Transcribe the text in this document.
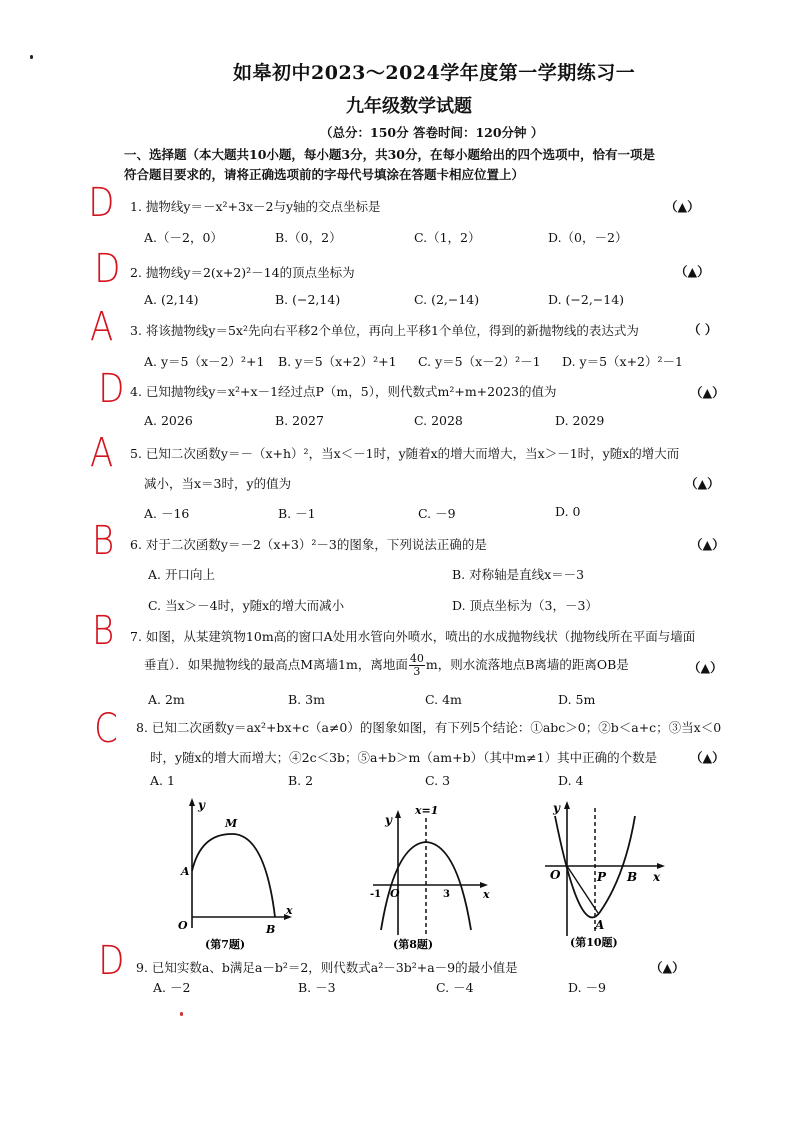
如皋初中2023～2024学年度第一学期练习一
九年级数学试题
（总分：150分 答卷时间：120分钟 ）
一、选择题（本大题共10小题，每小题3分，共30分，在每小题给出的四个选项中，恰有一项是
符合题目要求的，请将正确选项前的字母代号填涂在答题卡相应位置上）
D
D
A
D
A
B
B
C
D
1. 抛物线y＝－x²+3x－2与y轴的交点坐标是	（▲）
A.（－2，0）	B.（0，2）	C.（1，2）	D.（0，－2）
2. 抛物线y＝2(x+2)²－14的顶点坐标为	（▲）
A. (2,14)	B. (−2,14)	C. (2,−14)	D. (−2,−14)
3. 将该抛物线y＝5x²先向右平移2个单位，再向上平移1个单位，得到的新抛物线的表达式为	（ ）
A. y＝5（x－2）²+1 B. y＝5（x+2）²+1 C. y＝5（x－2）²－1 D. y＝5（x+2）²－1
4. 已知抛物线y＝x²+x－1经过点P（m，5），则代数式m²+m+2023的值为	（▲）
A. 2026	B. 2027	C. 2028	D. 2029
5. 已知二次函数y＝－（x+h）²，当x＜－1时，y随着x的增大而增大，当x＞－1时，y随x的增大而
减小，当x＝3时，y的值为	（▲）
A. －16	B. －1	C. －9	D. 0
6. 对于二次函数y＝－2（x+3）²－3的图象，下列说法正确的是	（▲）
A. 开口向上	B. 对称轴是直线x＝－3
C. 当x＞－4时，y随x的增大而减小	D. 顶点坐标为（3，－3）
7. 如图，从某建筑物10m高的窗口A处用水管向外喷水，喷出的水成抛物线状（抛物线所在平面与墙面
垂直）．如果抛物线的最高点M离墙1m，离地面 $\frac{40}{3}$ m，则水流落地点B离墙的距离OB是	（▲）
A. 2m	B. 3m	C. 4m	D. 5m
8. 已知二次函数y＝ax²+bx+c（a≠0）的图象如图，有下列5个结论：①abc＞0；②b＜a+c；③当x＜0
时，y随x的增大而增大；④2c＜3b；⑤a+b＞m（am+b）（其中m≠1）其中正确的个数是	（▲）
A. 1	B. 2	C. 3	D. 4
y
A
M
O	B
x
(第7题)
y
x=1
-1 O	3	x
(第8题)
y
O	P B x
A
(第10题)
9. 已知实数a、b满足a－b²＝2，则代数式a²－3b²+a－9的最小值是	（▲）
A. －2	B. －3	C. －4	D. －9
